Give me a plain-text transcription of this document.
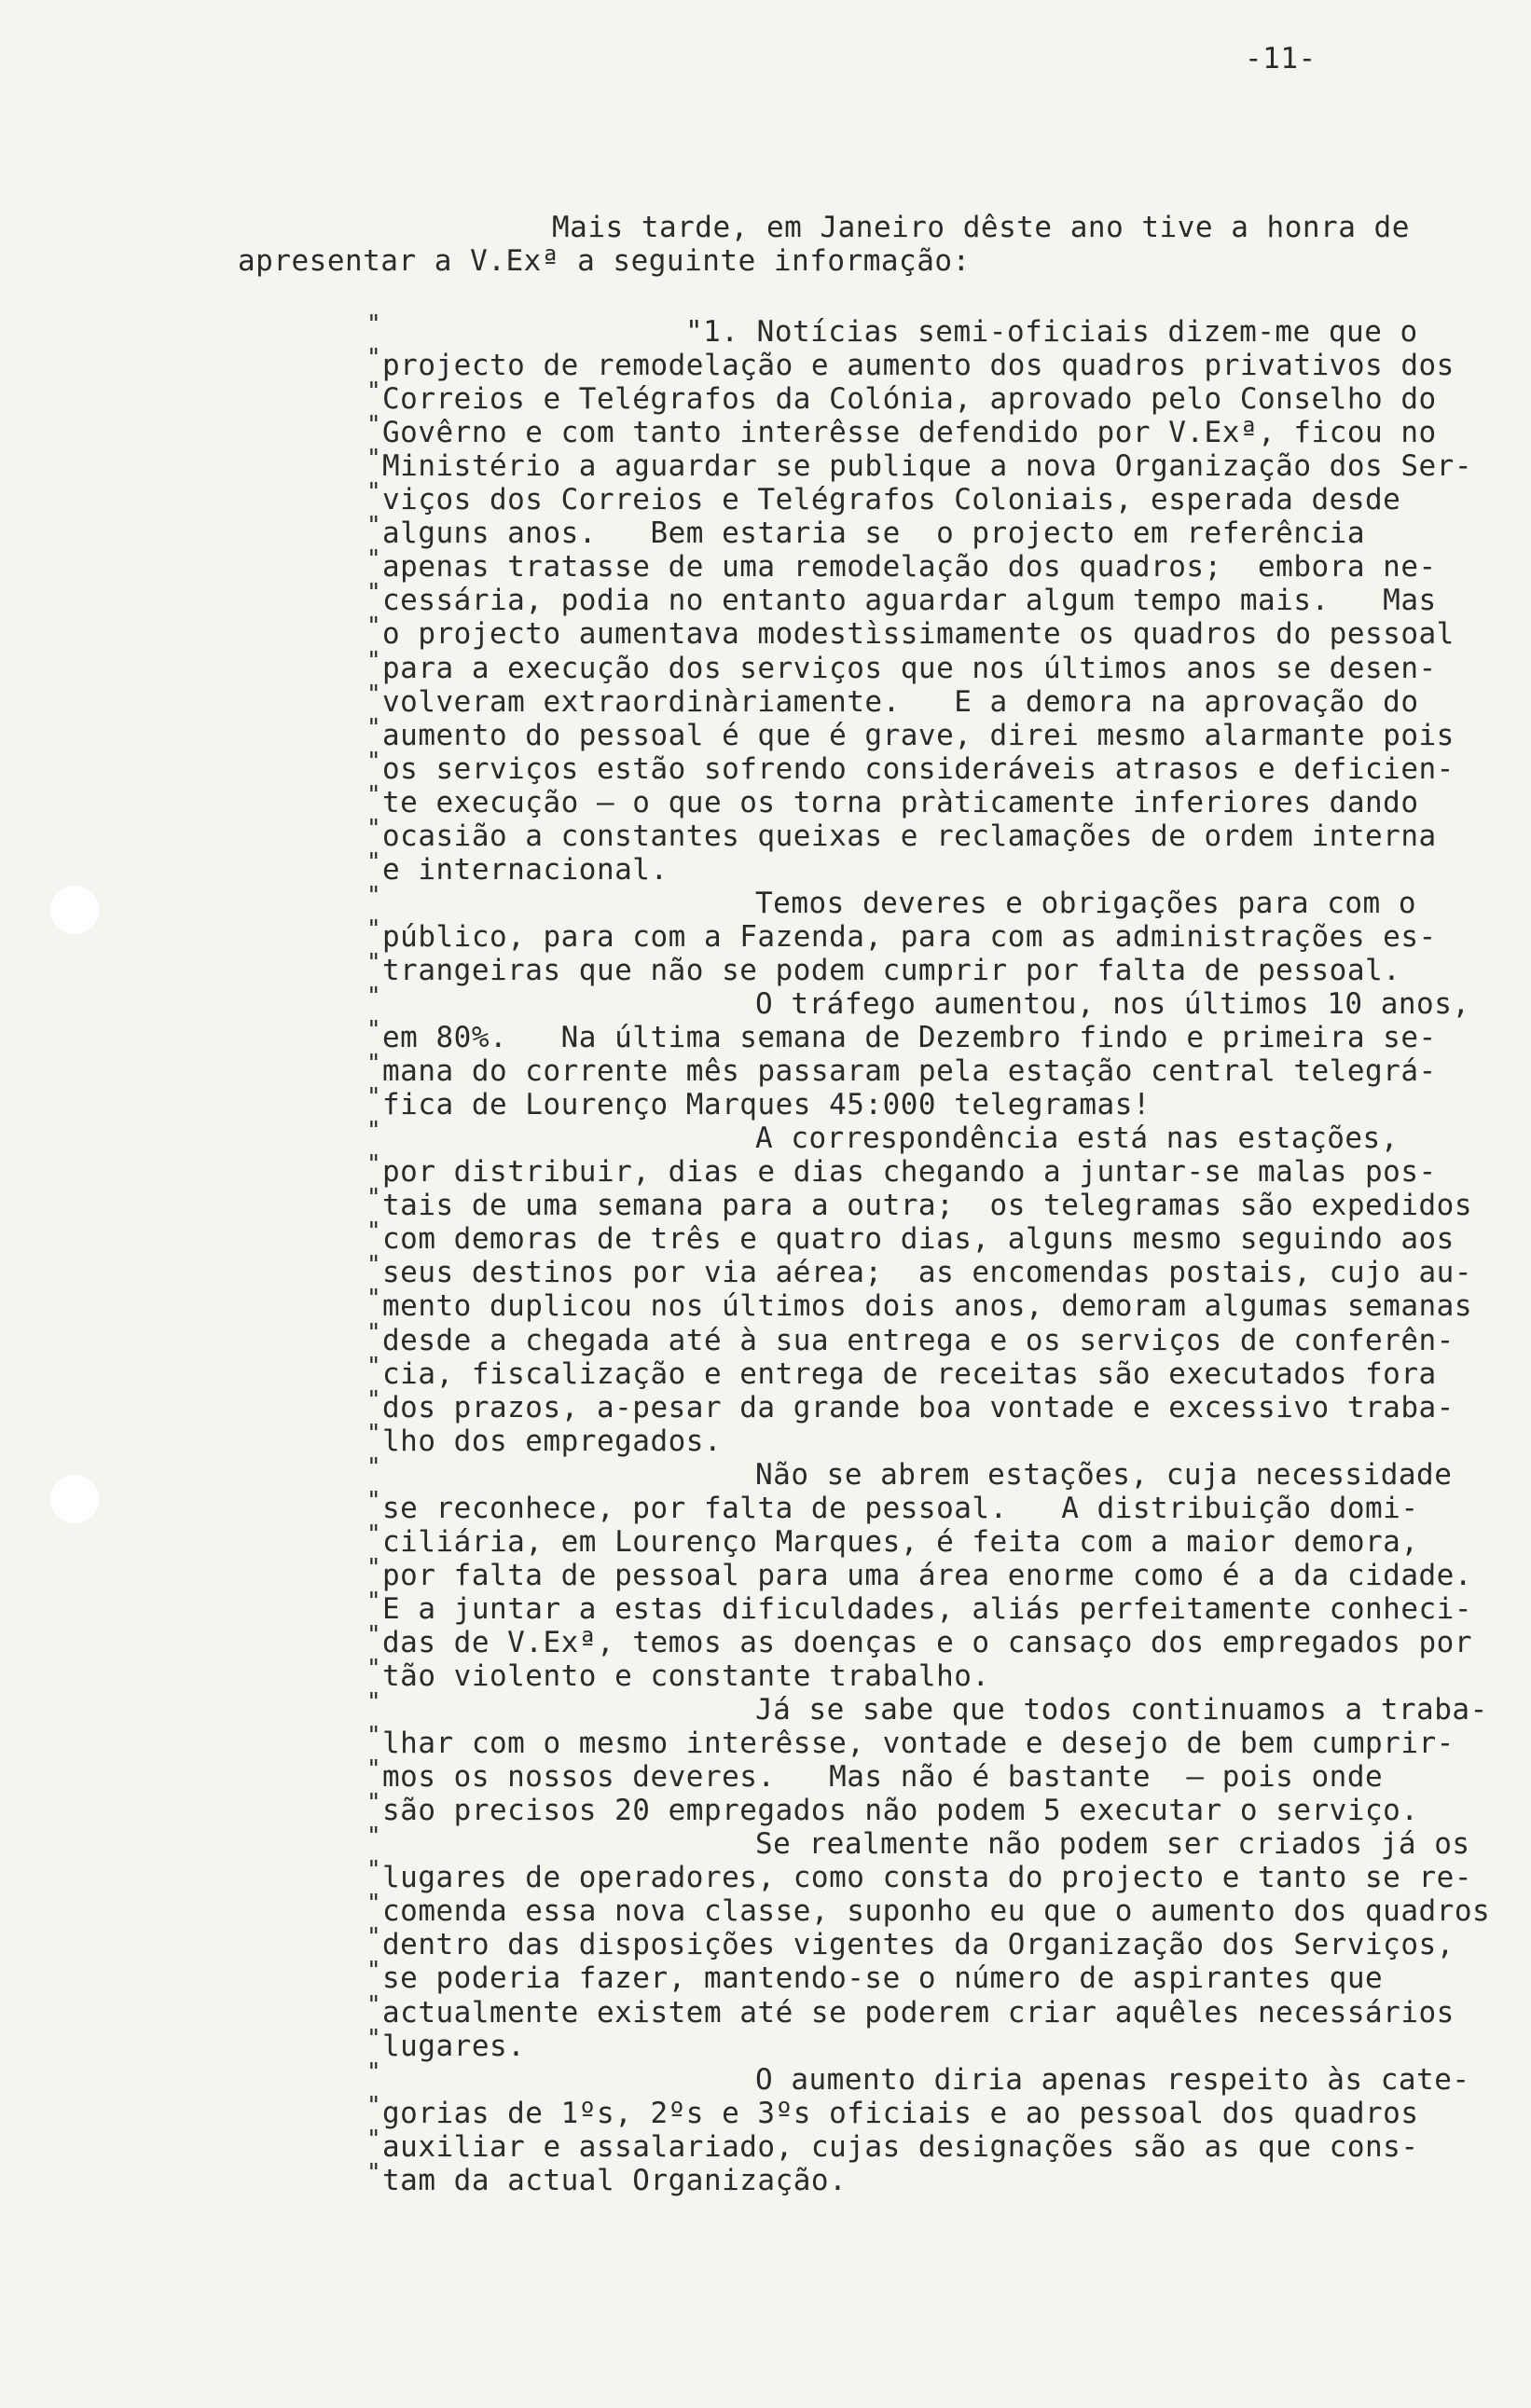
-11-
Mais tarde, em Janeiro dêste ano tive a honra de
apresentar a V.Exª a seguinte informação:
"1. Notícias semi-oficiais dizem-me que o
"
projecto de remodelação e aumento dos quadros privativos dos
"
Correios e Telégrafos da Colónia, aprovado pelo Conselho do
"
Govêrno e com tanto interêsse defendido por V.Exª, ficou no
"
Ministério a aguardar se publique a nova Organização dos Ser-
"
viços dos Correios e Telégrafos Coloniais, esperada desde
"
alguns anos.   Bem estaria se  o projecto em referência
"
apenas tratasse de uma remodelação dos quadros;  embora ne-
"
cessária, podia no entanto aguardar algum tempo mais.   Mas
"
o projecto aumentava modestìssimamente os quadros do pessoal
"
para a execução dos serviços que nos últimos anos se desen-
"
volveram extraordinàriamente.   E a demora na aprovação do
"
aumento do pessoal é que é grave, direi mesmo alarmante pois
"
os serviços estão sofrendo consideráveis atrasos e deficien-
"
te execução — o que os torna pràticamente inferiores dando
"
ocasião a constantes queixas e reclamações de ordem interna
"
e internacional.
"
Temos deveres e obrigações para com o
"
público, para com a Fazenda, para com as administrações es-
"
trangeiras que não se podem cumprir por falta de pessoal.
"
O tráfego aumentou, nos últimos 10 anos,
"
em 80%.   Na última semana de Dezembro findo e primeira se-
"
mana do corrente mês passaram pela estação central telegrá-
"
fica de Lourenço Marques 45:000 telegramas!
"
A correspondência está nas estações,
"
por distribuir, dias e dias chegando a juntar-se malas pos-
"
tais de uma semana para a outra;  os telegramas são expedidos
"
com demoras de três e quatro dias, alguns mesmo seguindo aos
"
seus destinos por via aérea;  as encomendas postais, cujo au-
"
mento duplicou nos últimos dois anos, demoram algumas semanas
"
desde a chegada até à sua entrega e os serviços de conferên-
"
cia, fiscalização e entrega de receitas são executados fora
"
dos prazos, a-pesar da grande boa vontade e excessivo traba-
"
lho dos empregados.
"
Não se abrem estações, cuja necessidade
"
se reconhece, por falta de pessoal.   A distribuição domi-
"
ciliária, em Lourenço Marques, é feita com a maior demora,
"
por falta de pessoal para uma área enorme como é a da cidade.
"
E a juntar a estas dificuldades, aliás perfeitamente conheci-
"
das de V.Exª, temos as doenças e o cansaço dos empregados por
"
tão violento e constante trabalho.
"
Já se sabe que todos continuamos a traba-
"
lhar com o mesmo interêsse, vontade e desejo de bem cumprir-
"
mos os nossos deveres.   Mas não é bastante  — pois onde
"
são precisos 20 empregados não podem 5 executar o serviço.
"
Se realmente não podem ser criados já os
"
lugares de operadores, como consta do projecto e tanto se re-
"
comenda essa nova classe, suponho eu que o aumento dos quadros
"
dentro das disposições vigentes da Organização dos Serviços,
"
se poderia fazer, mantendo-se o número de aspirantes que
"
actualmente existem até se poderem criar aquêles necessários
"
lugares.
"
O aumento diria apenas respeito às cate-
"
gorias de 1ºs, 2ºs e 3ºs oficiais e ao pessoal dos quadros
"
auxiliar e assalariado, cujas designações são as que cons-
"
tam da actual Organização.
"
